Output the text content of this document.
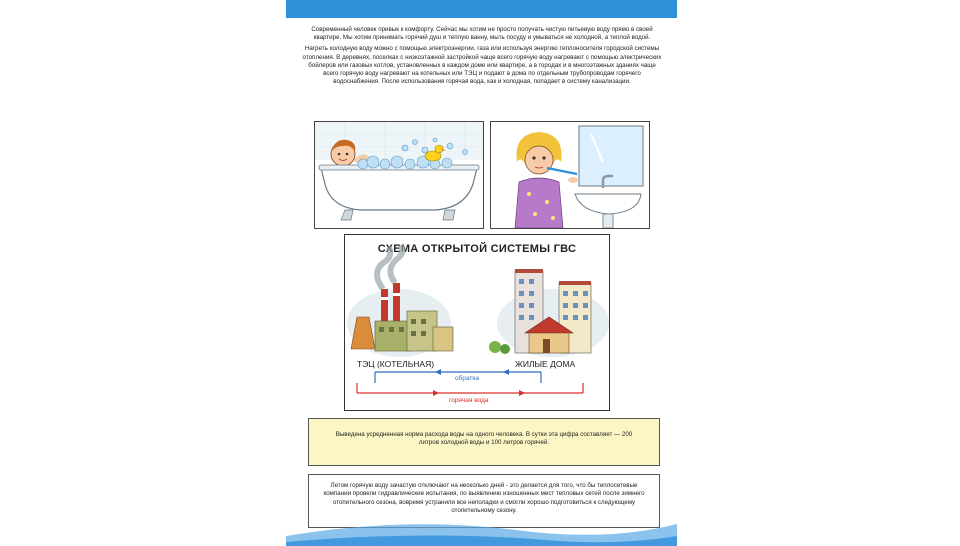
Современный человек привык к комфорту. Сейчас мы хотим не просто получать чистую питьевую воду прямо в своей квартире. Мы хотим принимать горячий душ и теплую ванну, мыть посуду и умываться не холодной, а теплой водой.

Нагреть холодную воду можно с помощью электроэнергии, газа или используя энергию теплоносителя городской системы отопления. В деревнях, поселках с низкоэтажной застройкой чаще всего горячую воду нагревают с помощью электрических бойлеров или газовых котлов, установленных в каждом доме или квартире, а в городах и в многоэтажных зданиях чаще всего горячую воду нагревают на котельных или ТЭЦ и подают в дома по отдельным трубопроводам горячего водоснабжения. После использования горячая вода, как и холодная, попадает в систему канализации.

СХЕМА ОТКРЫТОЙ СИСТЕМЫ ГВС
ТЭЦ (КОТЕЛЬНАЯ)	ЖИЛЫЕ ДОМА
обратка
горячая вода
Выведена усредненная норма расхода воды на одного человека. В сутки эта цифра составляет — 200 литров холодной воды и 100 литров горячей.
Летом горячую воду зачастую отключают на несколько дней - это делается для того, что бы теплосетевые компании провели гидравлические испытания, по выявлению изношенных мест тепловых сетей после зимнего отопительного сезона, вовремя устранили все неполадки и смогли хорошо подготовиться к следующему отопительному сезону.
